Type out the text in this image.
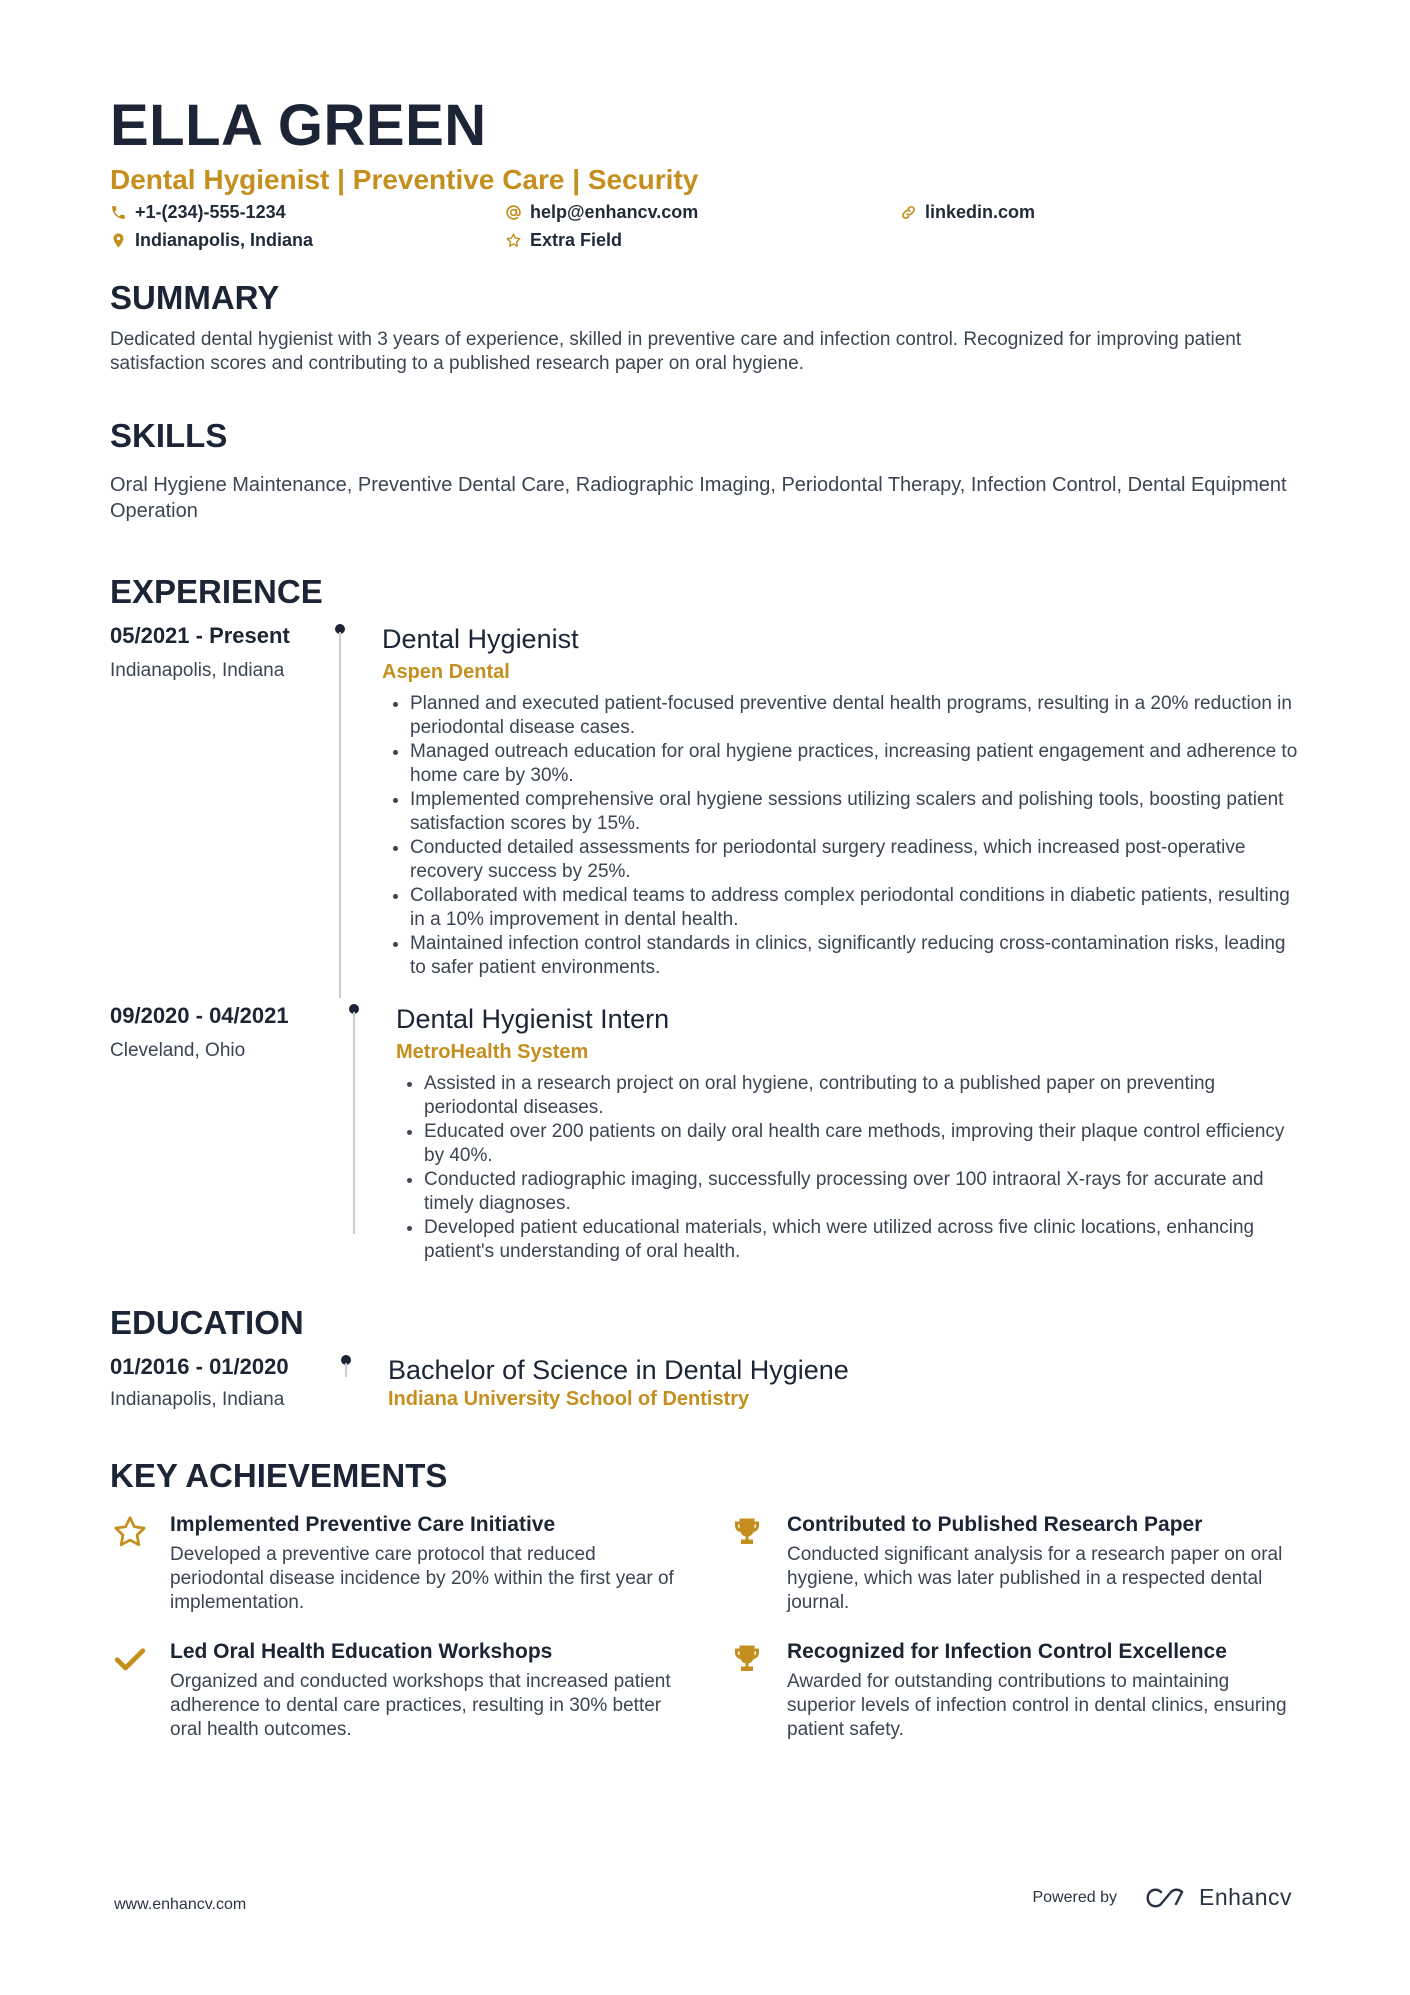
ELLA GREEN
Dental Hygienist | Preventive Care | Security
+1-(234)-555-1234	help@enhancv.com	linkedin.com
Indianapolis, Indiana	Extra Field
SUMMARY
Dedicated dental hygienist with 3 years of experience, skilled in preventive care and infection control. Recognized for improving patient satisfaction scores and contributing to a published research paper on oral hygiene.
SKILLS
Oral Hygiene Maintenance, Preventive Dental Care, Radiographic Imaging, Periodontal Therapy, Infection Control, Dental Equipment Operation
EXPERIENCE
05/2021 - Present
Indianapolis, Indiana
Dental Hygienist
Aspen Dental
• Planned and executed patient-focused preventive dental health programs, resulting in a 20% reduction in periodontal disease cases.
• Managed outreach education for oral hygiene practices, increasing patient engagement and adherence to home care by 30%.
• Implemented comprehensive oral hygiene sessions utilizing scalers and polishing tools, boosting patient satisfaction scores by 15%.
• Conducted detailed assessments for periodontal surgery readiness, which increased post-operative recovery success by 25%.
• Collaborated with medical teams to address complex periodontal conditions in diabetic patients, resulting in a 10% improvement in dental health.
• Maintained infection control standards in clinics, significantly reducing cross-contamination risks, leading to safer patient environments.
09/2020 - 04/2021
Cleveland, Ohio
Dental Hygienist Intern
MetroHealth System
• Assisted in a research project on oral hygiene, contributing to a published paper on preventing periodontal diseases.
• Educated over 200 patients on daily oral health care methods, improving their plaque control efficiency by 40%.
• Conducted radiographic imaging, successfully processing over 100 intraoral X-rays for accurate and timely diagnoses.
• Developed patient educational materials, which were utilized across five clinic locations, enhancing patient's understanding of oral health.
EDUCATION
01/2016 - 01/2020
Indianapolis, Indiana
Bachelor of Science in Dental Hygiene
Indiana University School of Dentistry
KEY ACHIEVEMENTS
Implemented Preventive Care Initiative
Developed a preventive care protocol that reduced periodontal disease incidence by 20% within the first year of implementation.
Contributed to Published Research Paper
Conducted significant analysis for a research paper on oral hygiene, which was later published in a respected dental journal.
Led Oral Health Education Workshops
Organized and conducted workshops that increased patient adherence to dental care practices, resulting in 30% better oral health outcomes.
Recognized for Infection Control Excellence
Awarded for outstanding contributions to maintaining superior levels of infection control in dental clinics, ensuring patient safety.
www.enhancv.com	Powered by	Enhancv
